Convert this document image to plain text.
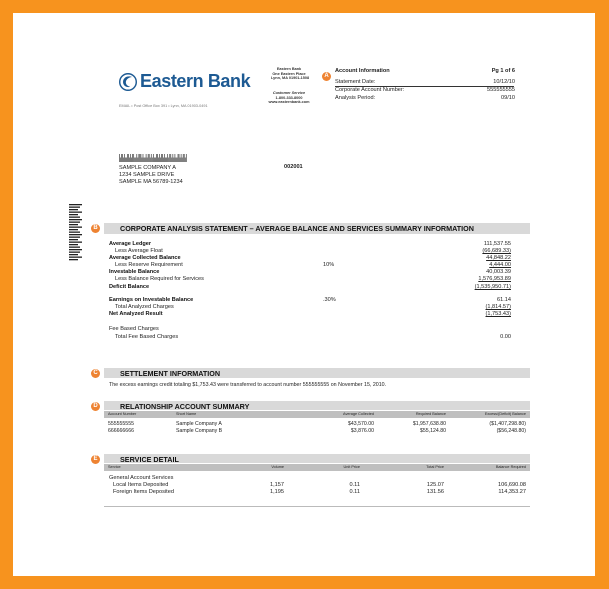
Eastern Bank
EMAIL • Post Office Box 391 • Lynn, MA 01903-0491
Eastern Bank
One Eastern Place
Lynn, MA 01901-1508
Customer Service
1-800-333-8000
www.easternbank.com
A
Account Information	Pg 1 of 6
Statement Date:	10/12/10
Corporate Account Number:	555555555
Analysis Period:	09/10
SAMPLE COMPANY A
1234 SAMPLE DRIVE
SAMPLE MA 56789-1234
002001
CORPORATE ANALYSIS STATEMENT – AVERAGE BALANCE AND SERVICES SUMMARY INFORMATION
B
Average Ledger	111,537.55
Less Average Float	(66,689.33)
Average Collected Balance	44,848.22
Less Reserve Requirement	10%	4,444.00
Investable Balance	40,003.39
Less Balance Required for Services	1,576,953.89
Deficit Balance	(1,535,950.71)
Earnings on Investable Balance	.30%	61.14
Total Analyzed Charges	(1,814.57)
Net Analyzed Result	(1,753.43)
Fee Based Charges
Total Fee Based Charges	0.00
SETTLEMENT INFORMATION
C
The excess earnings credit totaling $1,753.43 were transferred to account number 555555555 on November 15, 2010.
RELATIONSHIP ACCOUNT SUMMARY
D
Account Number	Short Name	Average Collected	Required Balance	Excess/(Deficit) Balance
555555555	Sample Company A	$43,570.00	$1,957,638.80	($1,407,298.80)
666666666	Sample Company B	$3,876.00	$55,124.80	($56,248.80)
SERVICE DETAIL
E
Service	Volume	Unit Price	Total Price	Balance Required
General Account Services
Local Items Deposited	1,157	0.11	125.07	106,690.08
Foreign Items Deposited	1,195	0.11	131.56	114,353.27
